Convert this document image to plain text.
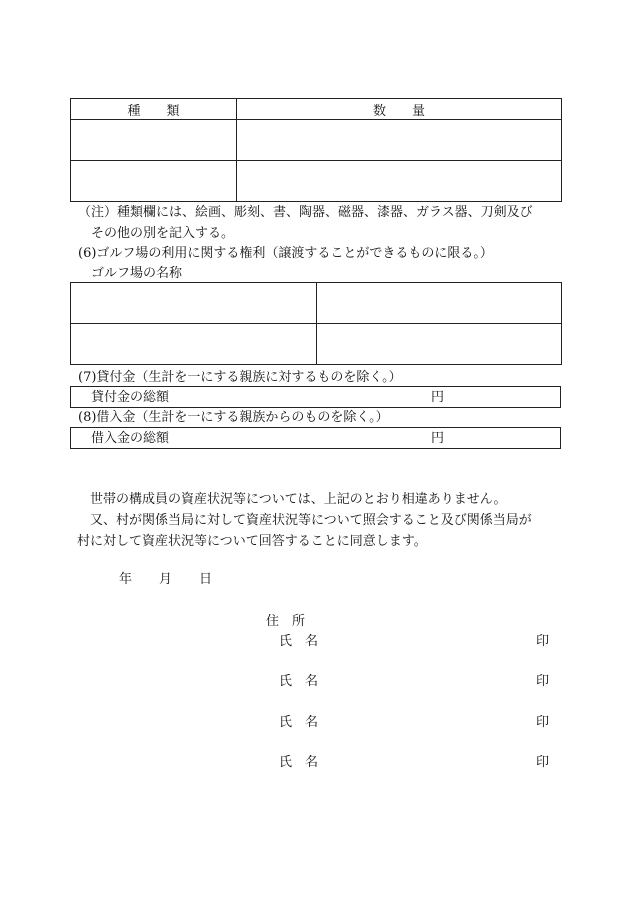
種　　類	数　　量

（注）種類欄には、絵画、彫刻、書、陶器、磁器、漆器、ガラス器、刀剣及び
その他の別を記入する。
(6)ゴルフ場の利用に関する権利（譲渡することができるものに限る。）
ゴルフ場の名称

(7)貸付金（生計を一にする親族に対するものを除く。）
貸付金の総額	円
(8)借入金（生計を一にする親族からのものを除く。）
借入金の総額	円
世帯の構成員の資産状況等については、上記のとおり相違ありません。
又、村が関係当局に対して資産状況等について照会すること及び関係当局が
村に対して資産状況等について回答することに同意します。
年 月 日
住　所
氏　名	印
氏　名	印
氏　名	印
氏　名	印
